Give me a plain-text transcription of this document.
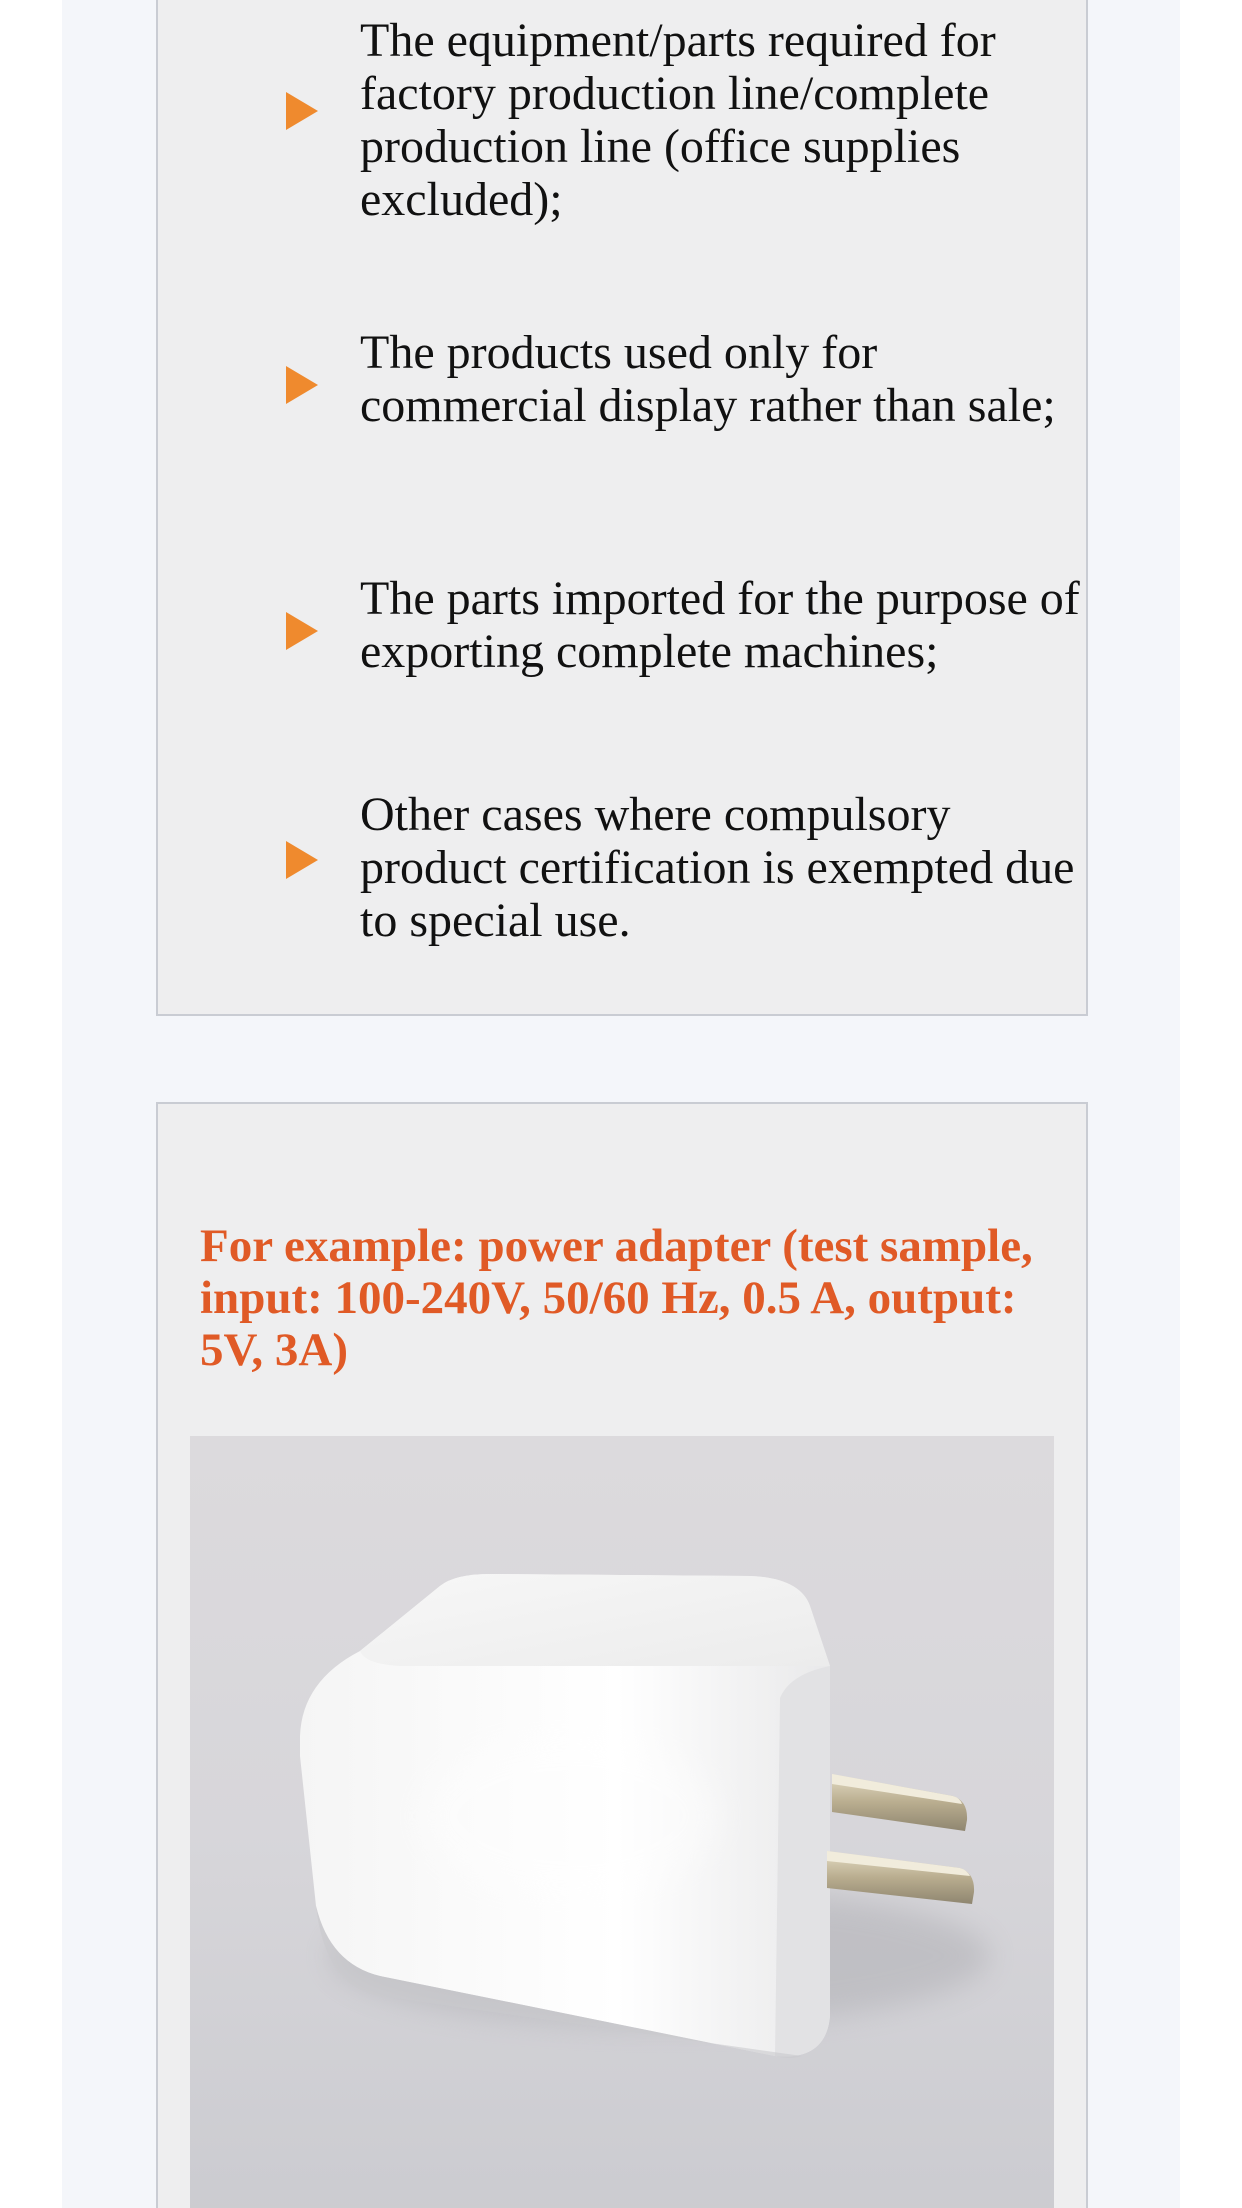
The equipment/parts required for factory production line/complete production line (office supplies excluded);
The products used only for commercial display rather than sale;
The parts imported for the purpose of exporting complete machines;
Other cases where compulsory product certification is exempted due to special use.
For example: power adapter (test sample, input: 100-240V, 50/60 Hz, 0.5 A, output: 5V, 3A)
